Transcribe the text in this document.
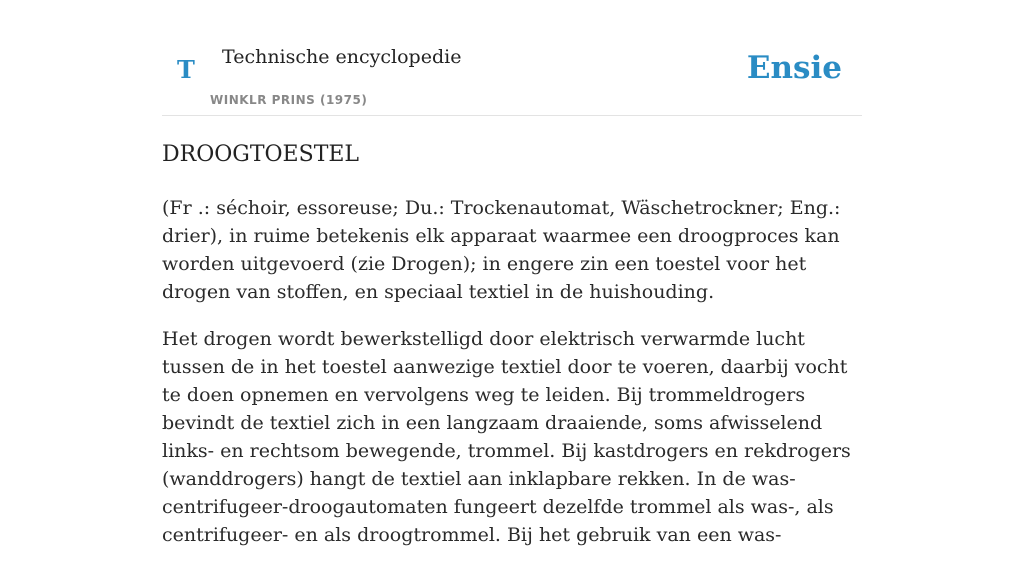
T Technische encyclopedie
WINKLR PRINS (1975)
Ensie
DROOGTOESTEL

(Fr .: séchoir, essoreuse; Du.: Trockenautomat, Wäschetrockner; Eng.: drier), in ruime betekenis elk apparaat waarmee een droogproces kan worden uitgevoerd (zie Drogen); in engere zin een toestel voor het drogen van stoffen, en speciaal textiel in de huishouding.

Het drogen wordt bewerkstelligd door elektrisch verwarmde lucht tussen de in het toestel aanwezige textiel door te voeren, daarbij vocht te doen opnemen en vervolgens weg te leiden. Bij trommeldrogers bevindt de textiel zich in een langzaam draaiende, soms afwisselend links- en rechtsom bewegende, trommel. Bij kastdrogers en rekdrogers (wanddrogers) hangt de textiel aan inklapbare rekken. In de was-centrifugeer-droogautomaten fungeert dezelfde trommel als was-, als centrifugeer- en als droogtrommel. Bij het gebruik van een was-
